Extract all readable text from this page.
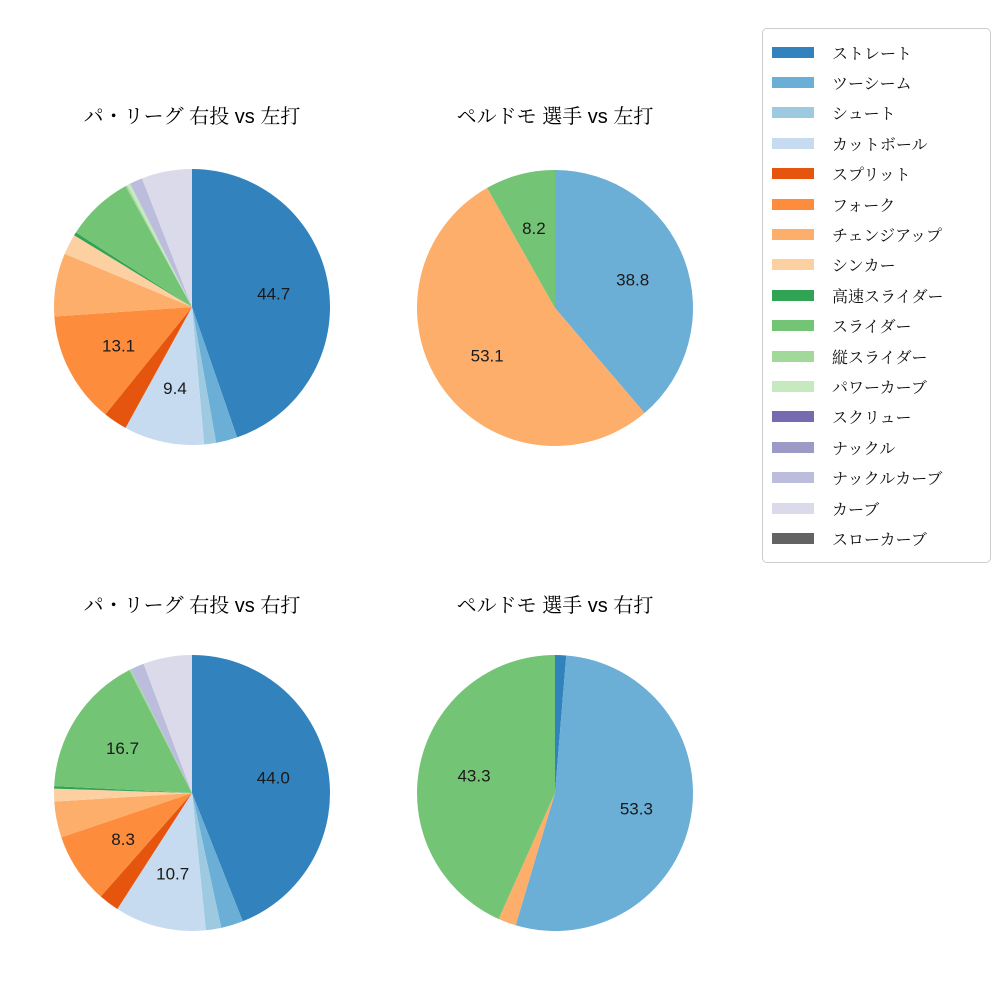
パ・リーグ 右投 vs 左打
44.7
9.4
13.1
ペルドモ 選手 vs 左打
38.8
53.1
8.2
パ・リーグ 右投 vs 右打
44.0
10.7
8.3
16.7
ペルドモ 選手 vs 右打
53.3
43.3
ストレート
ツーシーム
シュート
カットボール
スプリット
フォーク
チェンジアップ
シンカー
高速スライダー
スライダー
縦スライダー
パワーカーブ
スクリュー
ナックル
ナックルカーブ
カーブ
スローカーブ
